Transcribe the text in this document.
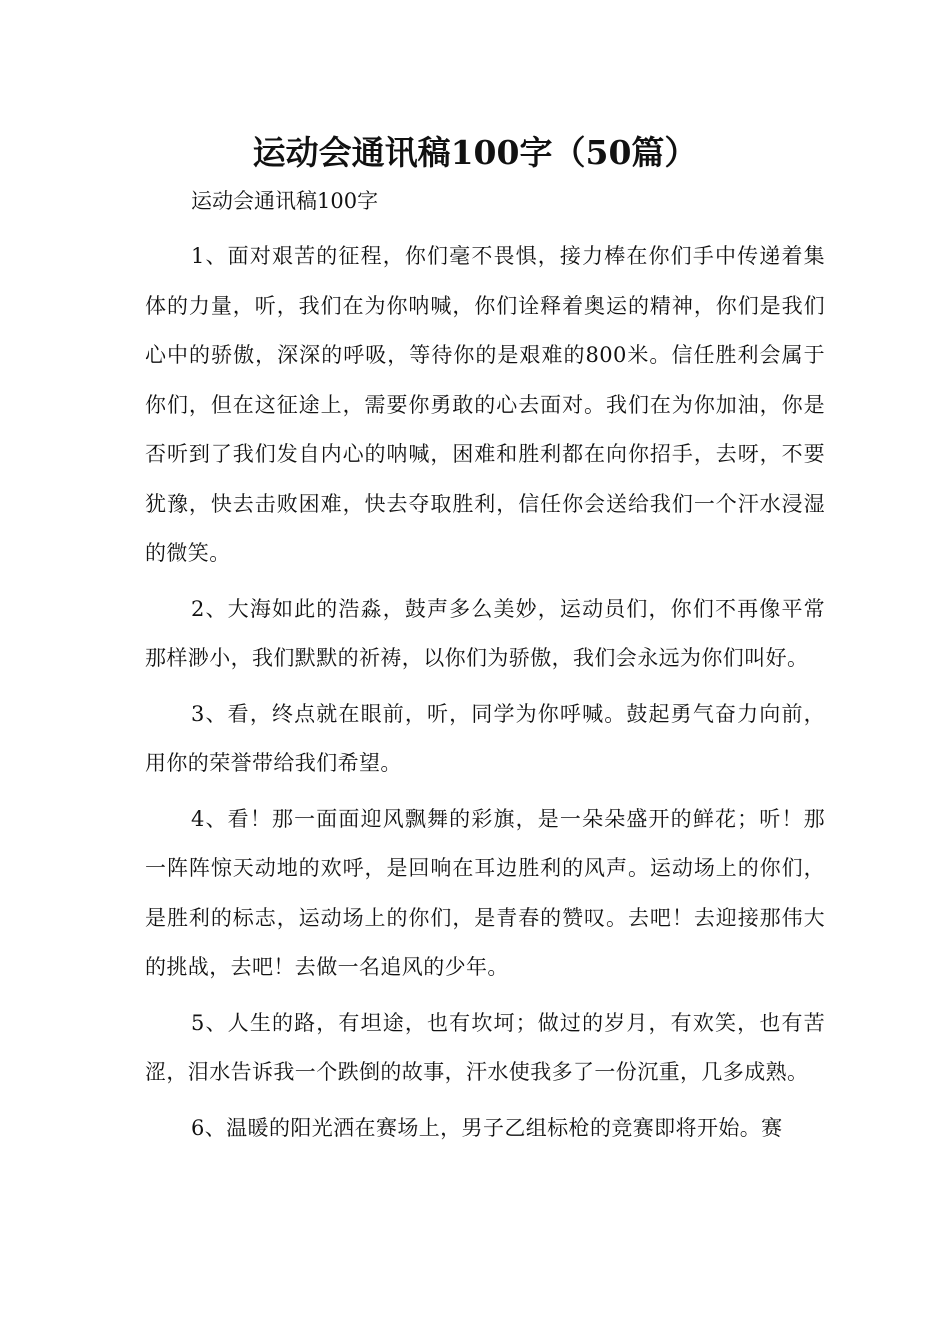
运动会通讯稿100字（50篇）

运动会通讯稿100字

1、面对艰苦的征程，你们毫不畏惧，接力棒在你们手中传递着集体的力量，听，我们在为你呐喊，你们诠释着奥运的精神，你们是我们心中的骄傲，深深的呼吸，等待你的是艰难的800米。信任胜利会属于你们，但在这征途上，需要你勇敢的心去面对。我们在为你加油，你是否听到了我们发自内心的呐喊，困难和胜利都在向你招手，去呀，不要犹豫，快去击败困难，快去夺取胜利，信任你会送给我们一个汗水浸湿的微笑。

2、大海如此的浩淼，鼓声多么美妙，运动员们，你们不再像平常那样渺小，我们默默的祈祷，以你们为骄傲，我们会永远为你们叫好。

3、看，终点就在眼前，听，同学为你呼喊。鼓起勇气奋力向前，用你的荣誉带给我们希望。

4、看！那一面面迎风飘舞的彩旗，是一朵朵盛开的鲜花；听！那一阵阵惊天动地的欢呼，是回响在耳边胜利的风声。运动场上的你们，是胜利的标志，运动场上的你们，是青春的赞叹。去吧！去迎接那伟大的挑战，去吧！去做一名追风的少年。

5、人生的路，有坦途，也有坎坷；做过的岁月，有欢笑，也有苦涩，泪水告诉我一个跌倒的故事，汗水使我多了一份沉重，几多成熟。

6、温暖的阳光洒在赛场上，男子乙组标枪的竞赛即将开始。赛
